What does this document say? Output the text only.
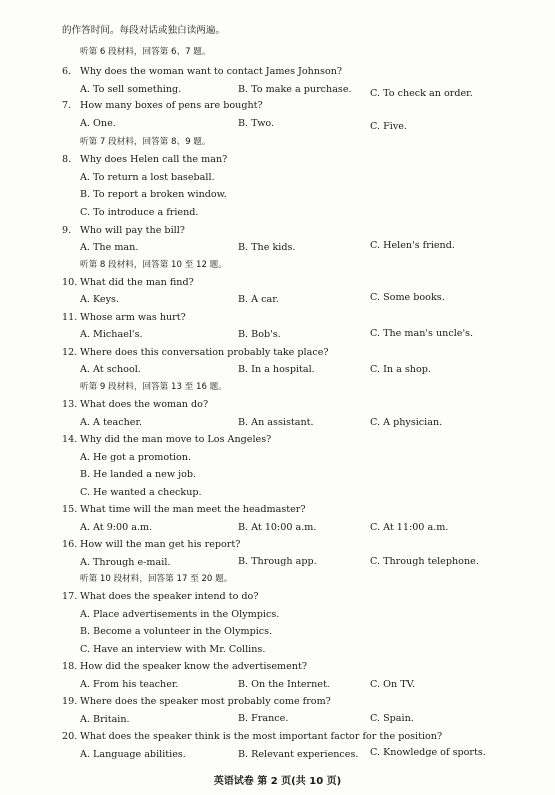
的作答时间。每段对话或独白读两遍。
听第 6 段材料，回答第 6、7 题。
6. Why does the woman want to contact James Johnson?
A. To sell something.	B. To make a purchase. C. To check an order.
7. How many boxes of pens are bought?
A. One.	B. Two.	C. Five.
听第 7 段材料，回答第 8、9 题。
8. Why does Helen call the man?
A. To return a lost baseball.
B. To report a broken window.
C. To introduce a friend.
9. Who will pay the bill?
A. The man.	B. The kids.	C. Helen's friend.
听第 8 段材料，回答第 10 至 12 题。
10. What did the man find?
A. Keys.	B. A car.	C. Some books.
11. Whose arm was hurt?
A. Michael's.	B. Bob's.	C. The man's uncle's.
12. Where does this conversation probably take place?
A. At school.	B. In a hospital.	C. In a shop.
听第 9 段材料，回答第 13 至 16 题。
13. What does the woman do?
A. A teacher.	B. An assistant.	C. A physician.
14. Why did the man move to Los Angeles?
A. He got a promotion.
B. He landed a new job.
C. He wanted a checkup.
15. What time will the man meet the headmaster?
A. At 9:00 a.m.	B. At 10:00 a.m.	C. At 11:00 a.m.
16. How will the man get his report?
A. Through e-mail.	B. Through app.	C. Through telephone.
听第 10 段材料，回答第 17 至 20 题。
17. What does the speaker intend to do?
A. Place advertisements in the Olympics.
B. Become a volunteer in the Olympics.
C. Have an interview with Mr. Collins.
18. How did the speaker know the advertisement?
A. From his teacher.	B. On the Internet.	C. On TV.
19. Where does the speaker most probably come from?
A. Britain.	B. France.	C. Spain.
20. What does the speaker think is the most important factor for the position?
A. Language abilities.	B. Relevant experiences. C. Knowledge of sports.
英语试卷 第 2 页(共 10 页)
